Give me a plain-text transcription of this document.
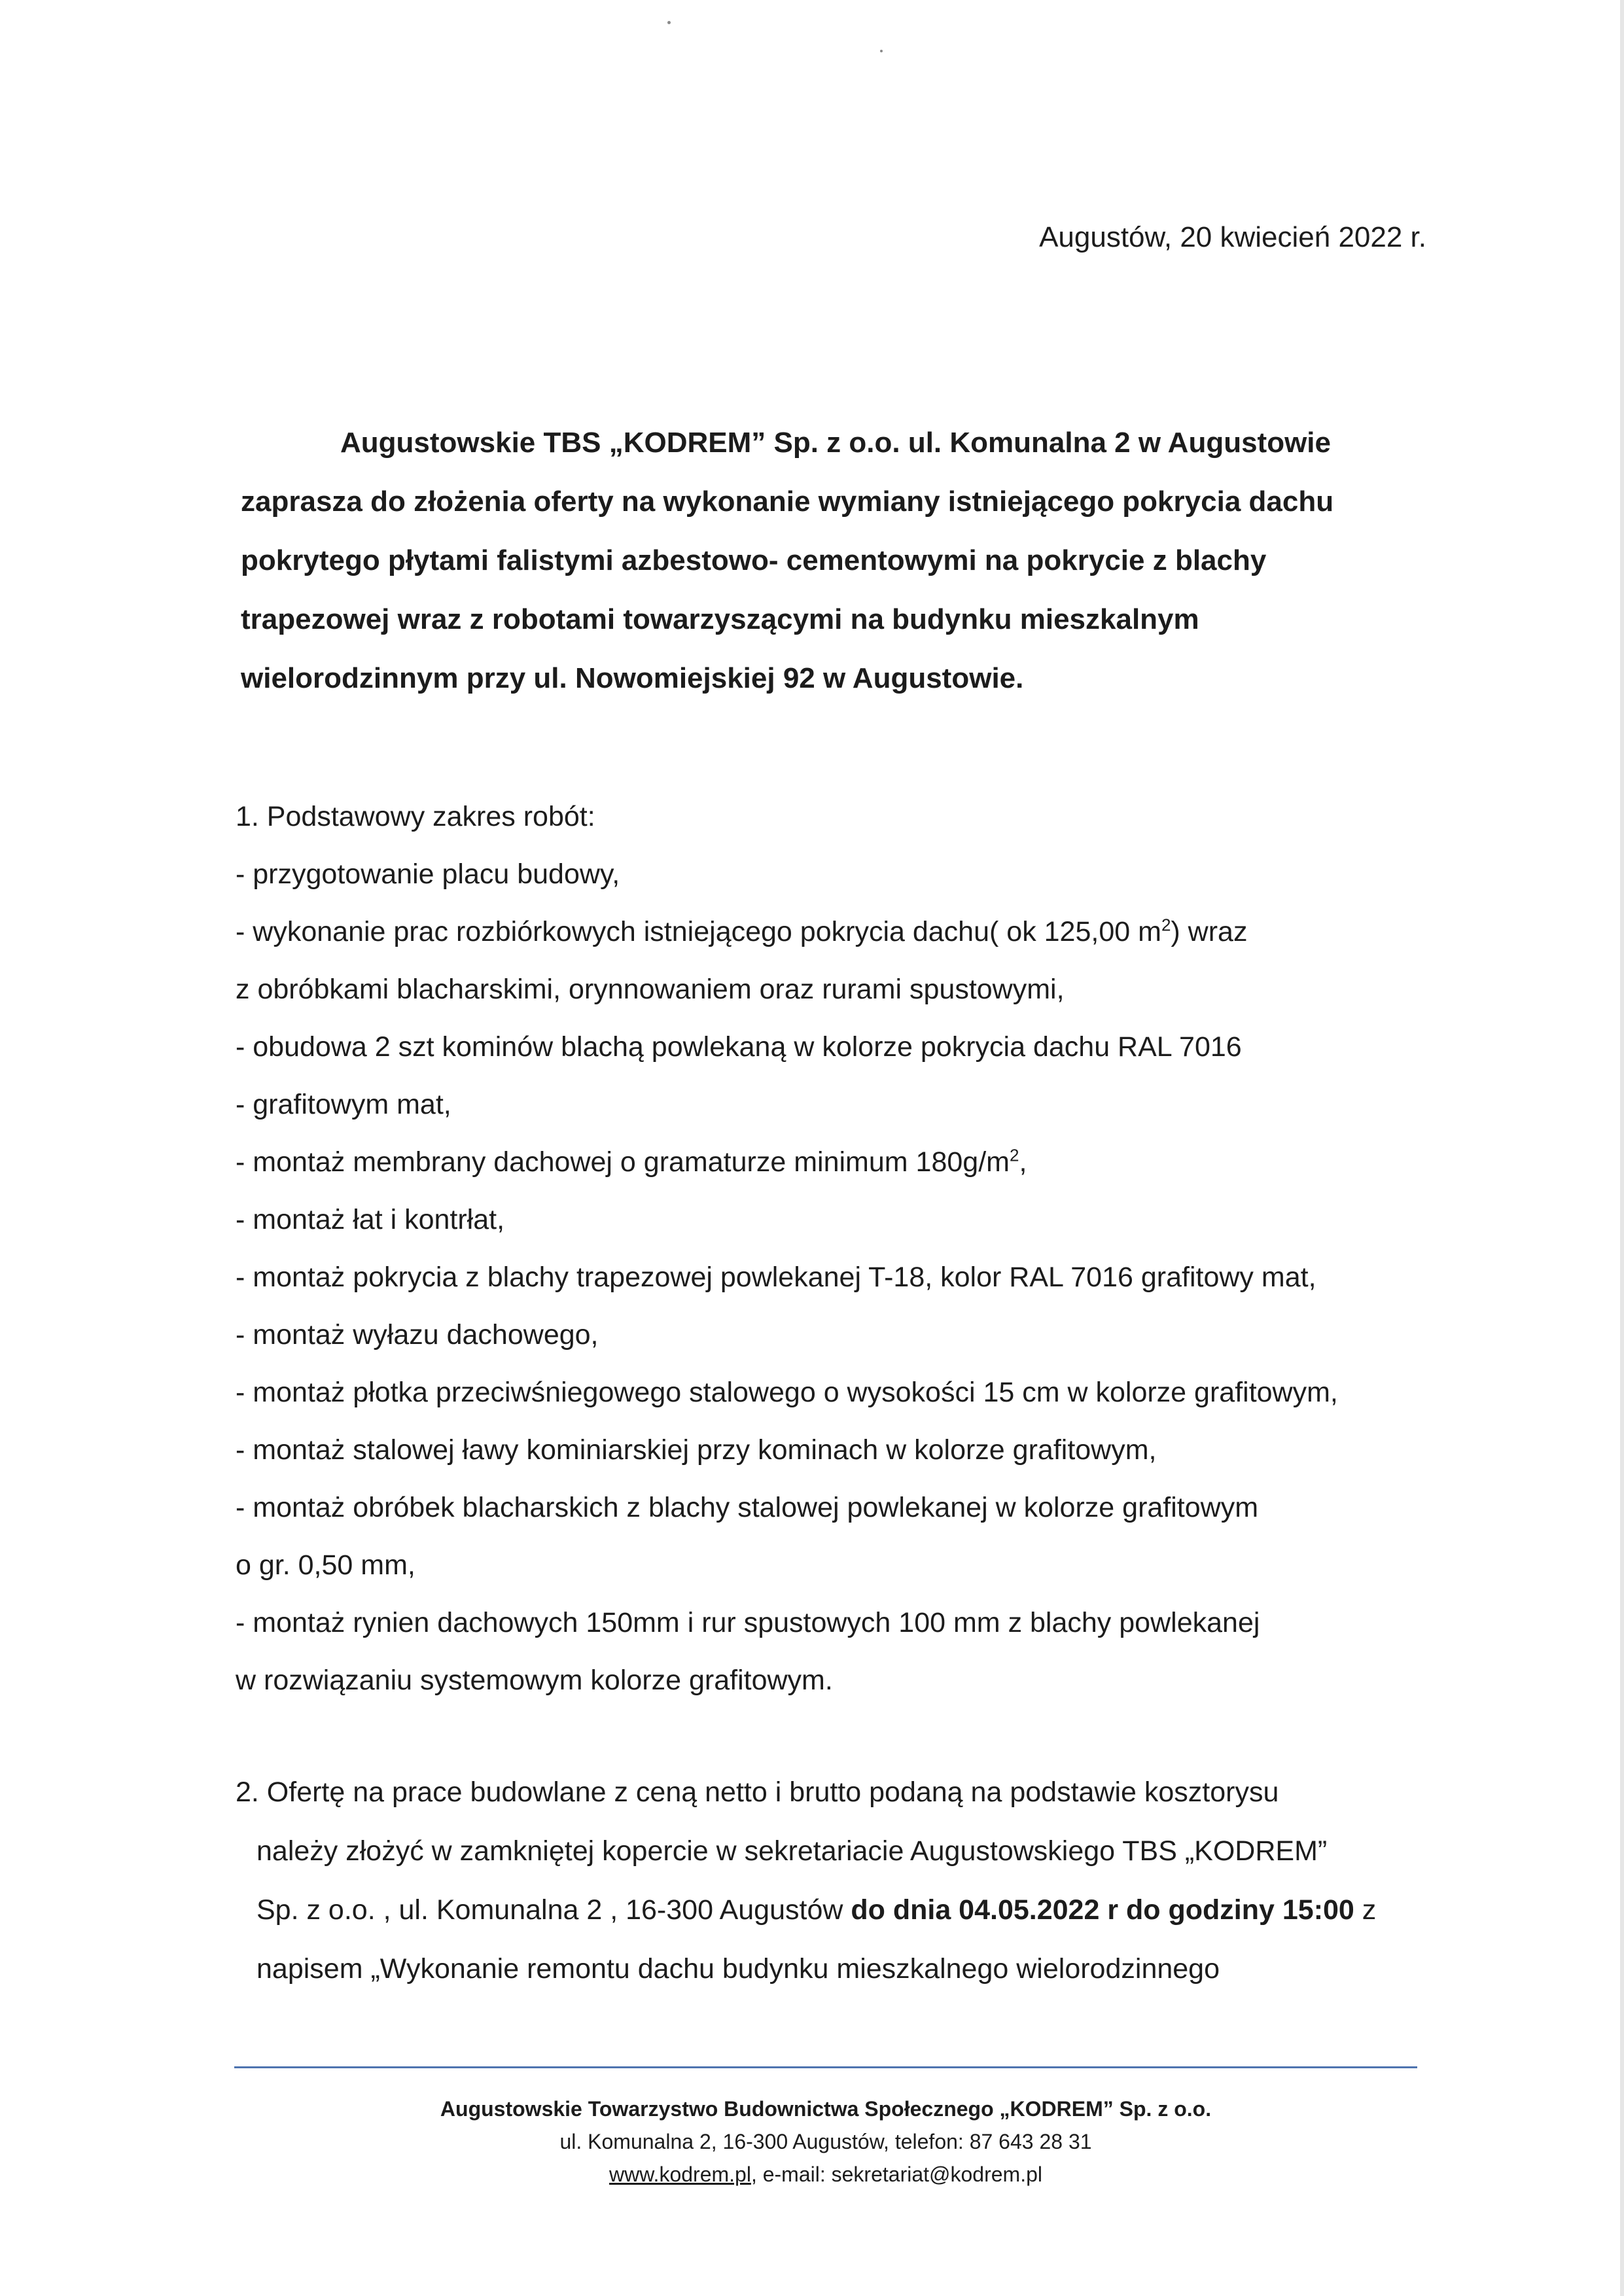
Augustów, 20 kwiecień 2022 r.
Augustowskie TBS „KODREM” Sp. z o.o. ul. Komunalna 2 w Augustowie
zaprasza do złożenia oferty na wykonanie wymiany istniejącego pokrycia dachu
pokrytego płytami falistymi azbestowo- cementowymi na pokrycie z blachy
trapezowej wraz z robotami towarzyszącymi na budynku mieszkalnym
wielorodzinnym przy ul. Nowomiejskiej 92 w Augustowie.
1. Podstawowy zakres robót:
- przygotowanie placu budowy,
- wykonanie prac rozbiórkowych istniejącego pokrycia dachu( ok 125,00 $m^2$) wraz
z obróbkami blacharskimi, orynnowaniem oraz rurami spustowymi,
- obudowa 2 szt kominów blachą powlekaną w kolorze pokrycia dachu RAL 7016
- grafitowym mat,
- montaż membrany dachowej o gramaturze minimum $180g/m^2$,
- montaż łat i kontrłat,
- montaż pokrycia z blachy trapezowej powlekanej T-18, kolor RAL 7016 grafitowy mat,
- montaż wyłazu dachowego,
- montaż płotka przeciwśniegowego stalowego o wysokości 15 cm w kolorze grafitowym,
- montaż stalowej ławy kominiarskiej przy kominach w kolorze grafitowym,
- montaż obróbek blacharskich z blachy stalowej powlekanej w kolorze grafitowym
o gr. 0,50 mm,
- montaż rynien dachowych 150mm i rur spustowych 100 mm z blachy powlekanej
w rozwiązaniu systemowym kolorze grafitowym.
2. Ofertę na prace budowlane z ceną netto i brutto podaną na podstawie kosztorysu
należy złożyć w zamkniętej kopercie w sekretariacie Augustowskiego TBS „KODREM”
Sp. z o.o. , ul. Komunalna 2 , 16-300 Augustów do dnia 04.05.2022 r do godziny 15:00 z
napisem „Wykonanie remontu dachu budynku mieszkalnego wielorodzinnego
Augustowskie Towarzystwo Budownictwa Społecznego „KODREM” Sp. z o.o.
ul. Komunalna 2, 16-300 Augustów, telefon: 87 643 28 31
www.kodrem.pl, e-mail: sekretariat@kodrem.pl
